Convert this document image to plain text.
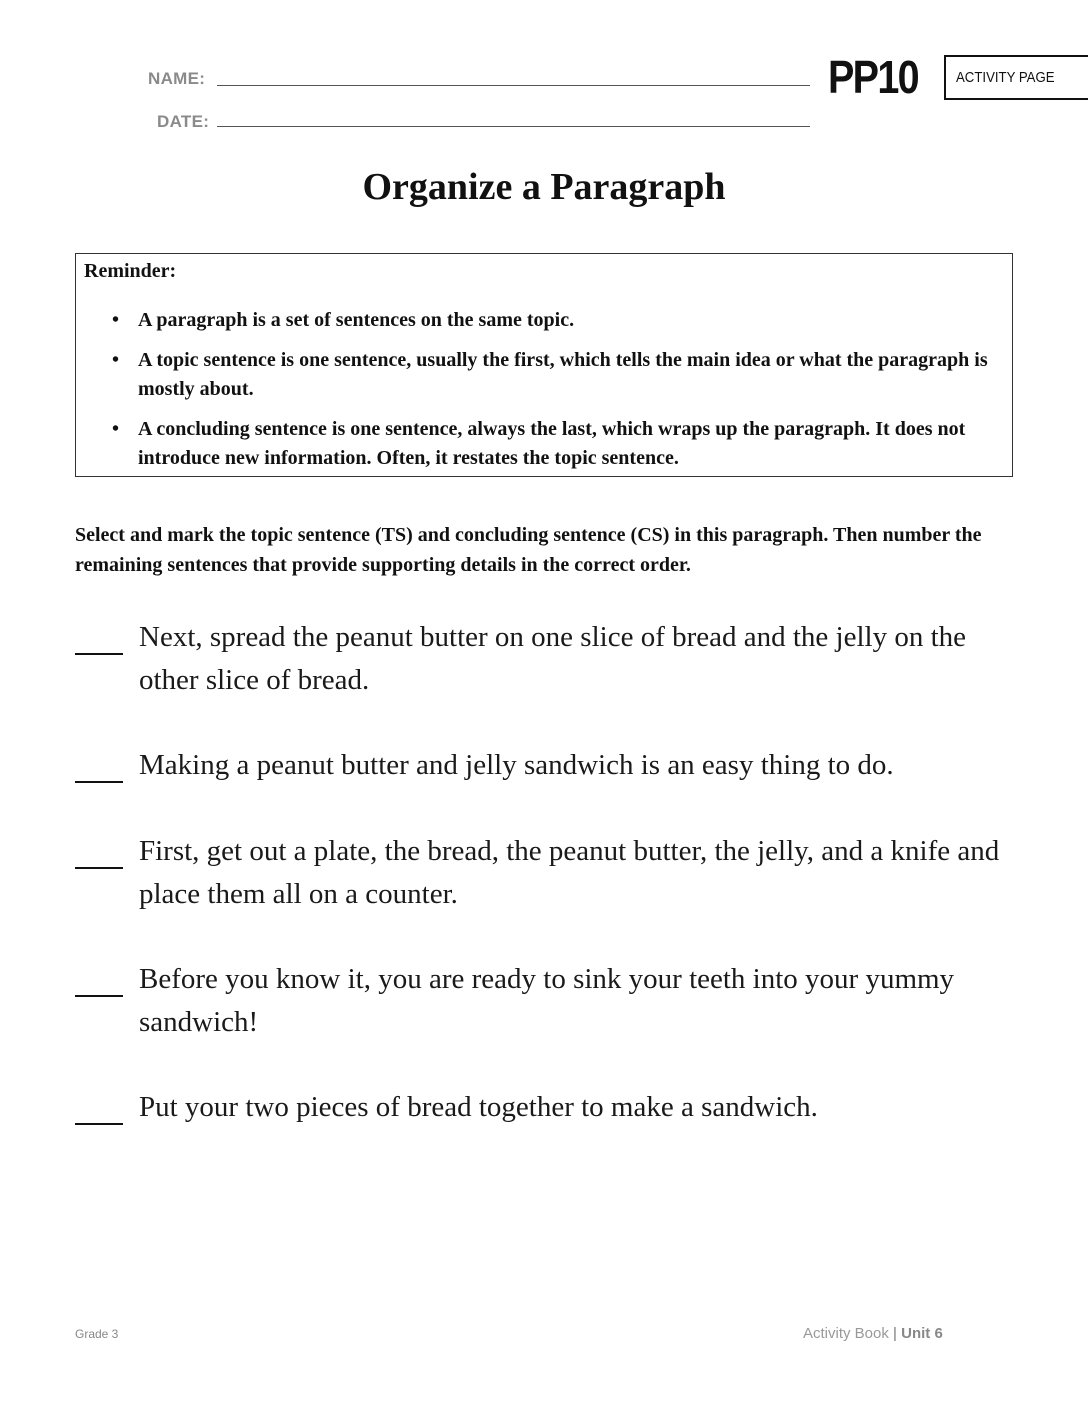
NAME:
DATE:
PP10	ACTIVITY PAGE
Organize a Paragraph
Reminder:
• A paragraph is a set of sentences on the same topic.
• A topic sentence is one sentence, usually the first, which tells the main idea or what the paragraph is mostly about.
• A concluding sentence is one sentence, always the last, which wraps up the paragraph. It does not introduce new information. Often, it restates the topic sentence.
Select and mark the topic sentence (TS) and concluding sentence (CS) in this paragraph. Then number the remaining sentences that provide supporting details in the correct order.
Next, spread the peanut butter on one slice of bread and the jelly on the other slice of bread.
Making a peanut butter and jelly sandwich is an easy thing to do.
First, get out a plate, the bread, the peanut butter, the jelly, and a knife and place them all on a counter.
Before you know it, you are ready to sink your teeth into your yummy sandwich!
Put your two pieces of bread together to make a sandwich.
Grade 3	Activity Book | Unit 6
